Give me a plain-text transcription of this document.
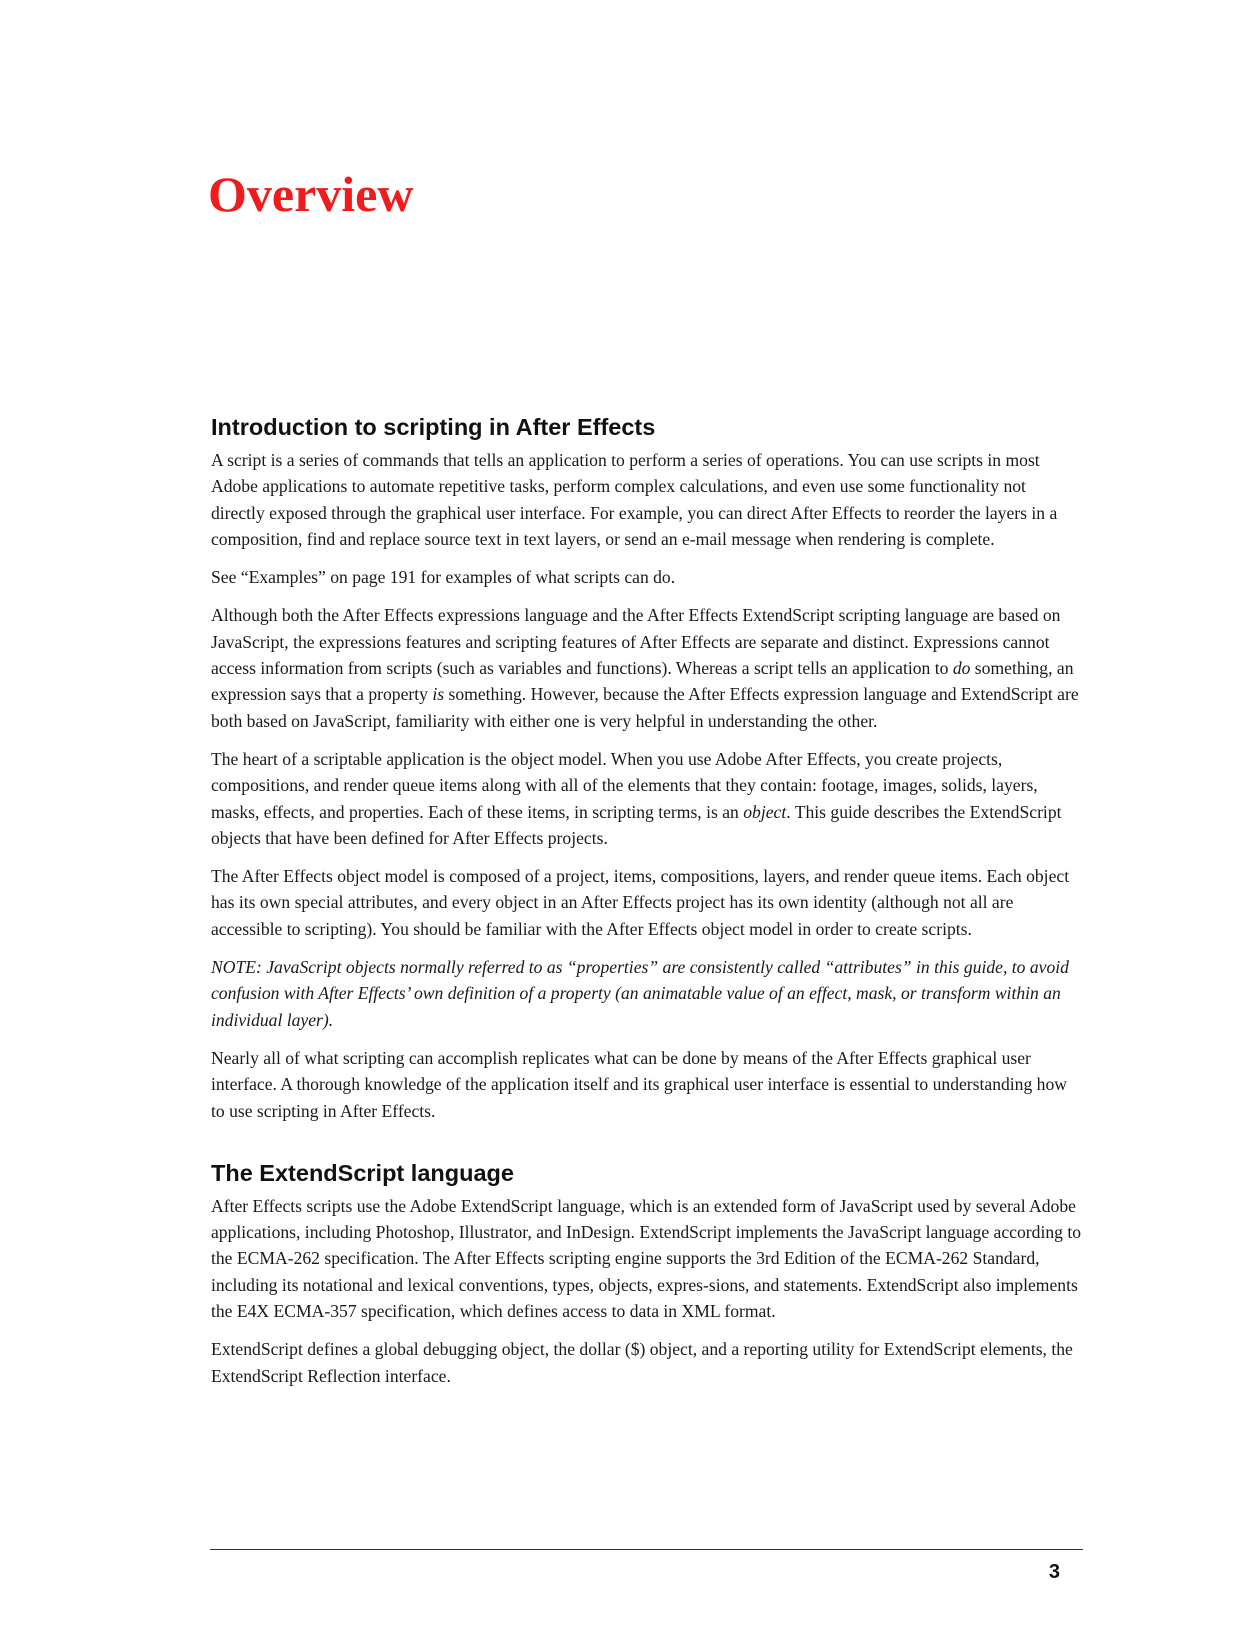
Overview
Introduction to scripting in After Effects

A script is a series of commands that tells an application to perform a series of operations. You can use scripts in most Adobe applications to automate repetitive tasks, perform complex calculations, and even use some functionality not directly exposed through the graphical user interface. For example, you can direct After Effects to reorder the layers in a composition, find and replace source text in text layers, or send an e-mail message when rendering is complete.

See “Examples” on page 191 for examples of what scripts can do.

Although both the After Effects expressions language and the After Effects ExtendScript scripting language are based on JavaScript, the expressions features and scripting features of After Effects are separate and distinct. Expressions cannot access information from scripts (such as variables and functions). Whereas a script tells an application to do something, an expression says that a property is something. However, because the After Effects expression language and ExtendScript are both based on JavaScript, familiarity with either one is very helpful in understanding the other.

The heart of a scriptable application is the object model. When you use Adobe After Effects, you create projects, compositions, and render queue items along with all of the elements that they contain: footage, images, solids, layers, masks, effects, and properties. Each of these items, in scripting terms, is an object. This guide describes the ExtendScript objects that have been defined for After Effects projects.

The After Effects object model is composed of a project, items, compositions, layers, and render queue items. Each object has its own special attributes, and every object in an After Effects project has its own identity (although not all are accessible to scripting). You should be familiar with the After Effects object model in order to create scripts.

NOTE: JavaScript objects normally referred to as “properties” are consistently called “attributes” in this guide, to avoid confusion with After Effects’ own definition of a property (an animatable value of an effect, mask, or transform within an individual layer).

Nearly all of what scripting can accomplish replicates what can be done by means of the After Effects graphical user interface. A thorough knowledge of the application itself and its graphical user interface is essential to understanding how to use scripting in After Effects.

The ExtendScript language

After Effects scripts use the Adobe ExtendScript language, which is an extended form of JavaScript used by several Adobe applications, including Photoshop, Illustrator, and InDesign. ExtendScript implements the JavaScript language according to the ECMA-262 specification. The After Effects scripting engine supports the 3rd Edition of the ECMA-262 Standard, including its notational and lexical conventions, types, objects, expres-sions, and statements. ExtendScript also implements the E4X ECMA-357 specification, which defines access to data in XML format.

ExtendScript defines a global debugging object, the dollar ($) object, and a reporting utility for ExtendScript elements, the ExtendScript Reflection interface.

3
